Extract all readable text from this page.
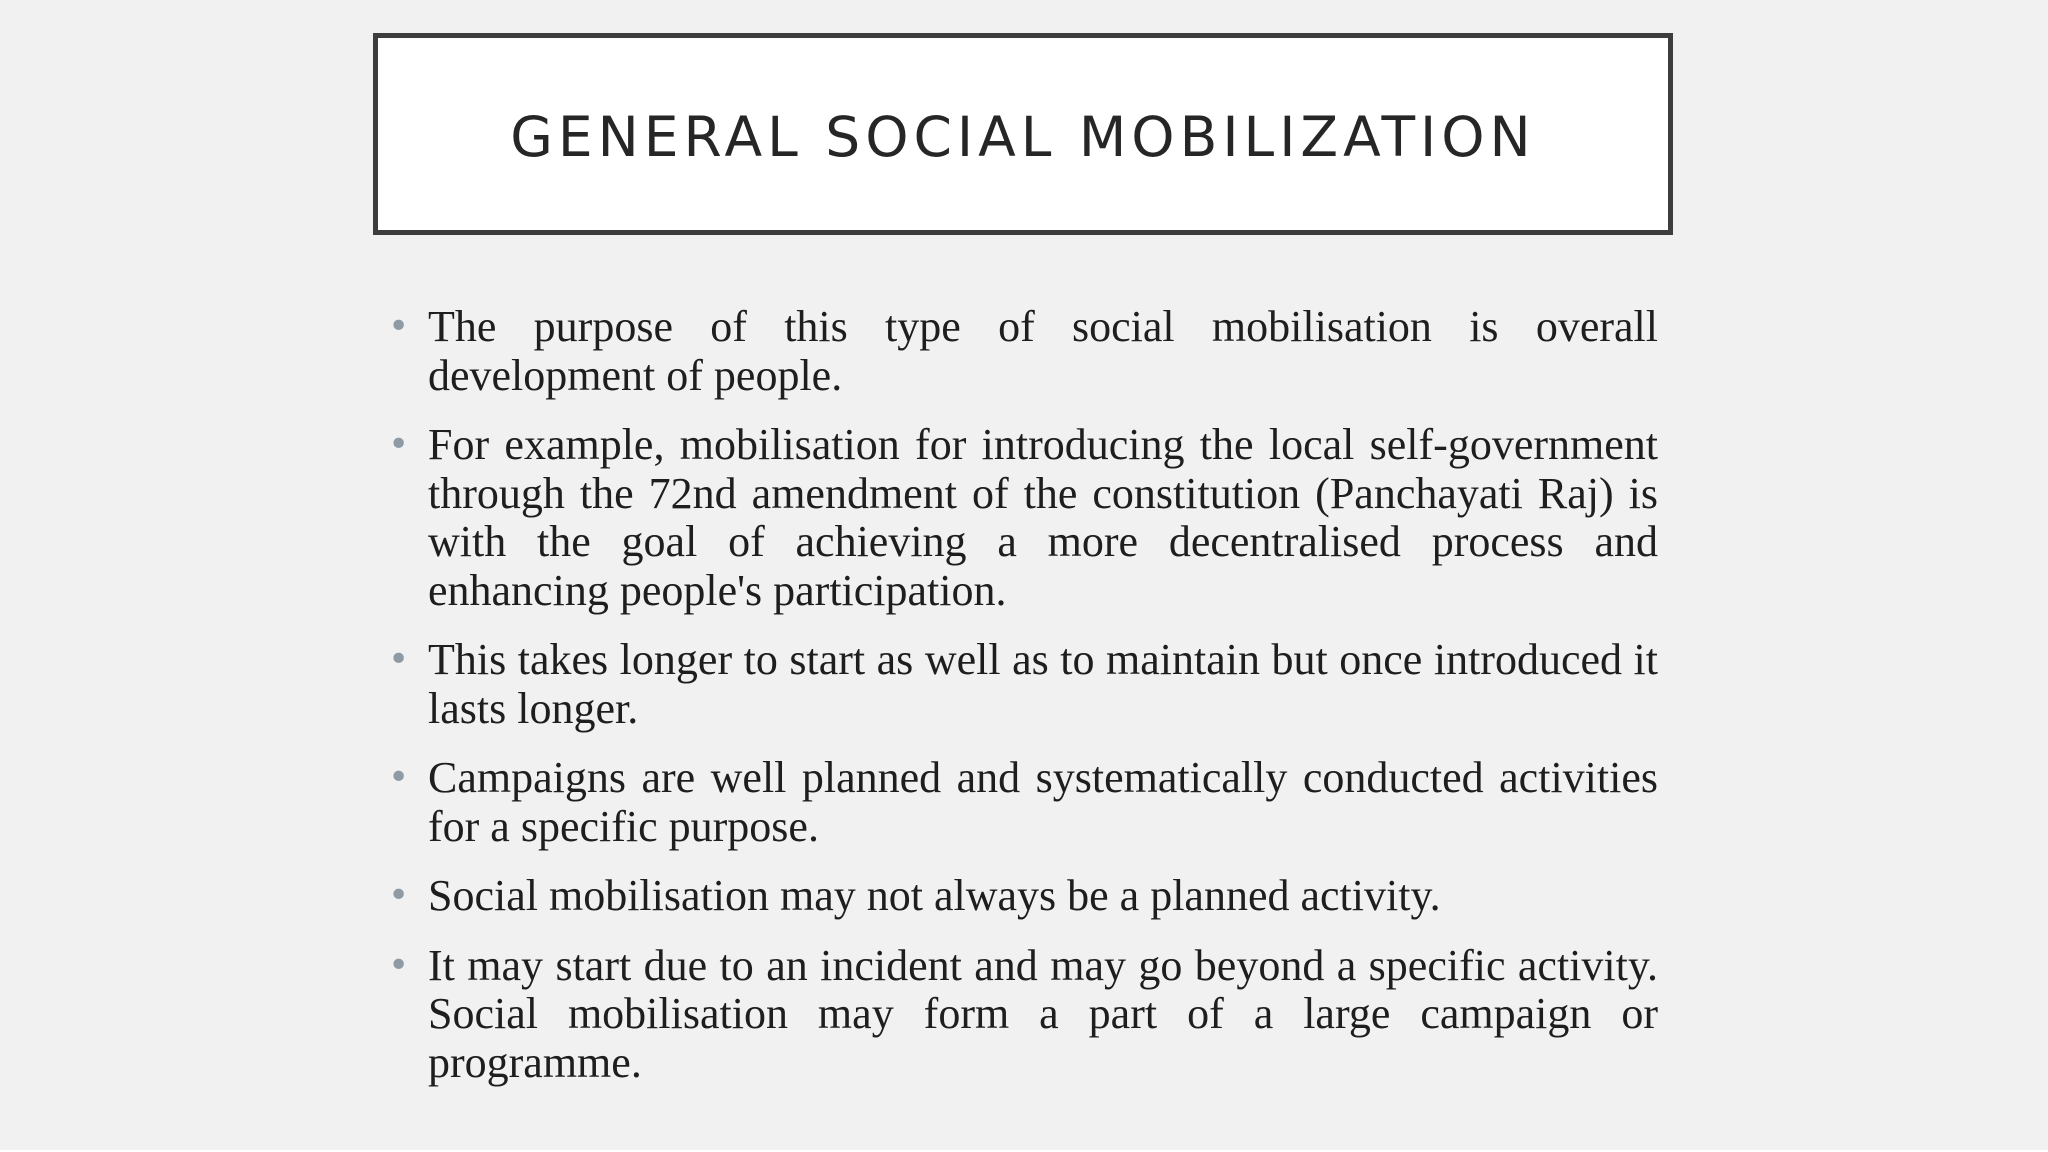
GENERAL SOCIAL MOBILIZATION
• The purpose of this type of social mobilisation is overall development of people.
• For example, mobilisation for introducing the local self-government through the 72nd amendment of the constitution (Panchayati Raj) is with the goal of achieving a more decentralised process and enhancing people's participation.
• This takes longer to start as well as to maintain but once introduced it lasts longer.
• Campaigns are well planned and systematically conducted activities for a specific purpose.
• Social mobilisation may not always be a planned activity.
• It may start due to an incident and may go beyond a specific activity. Social mobilisation may form a part of a large campaign or programme.
